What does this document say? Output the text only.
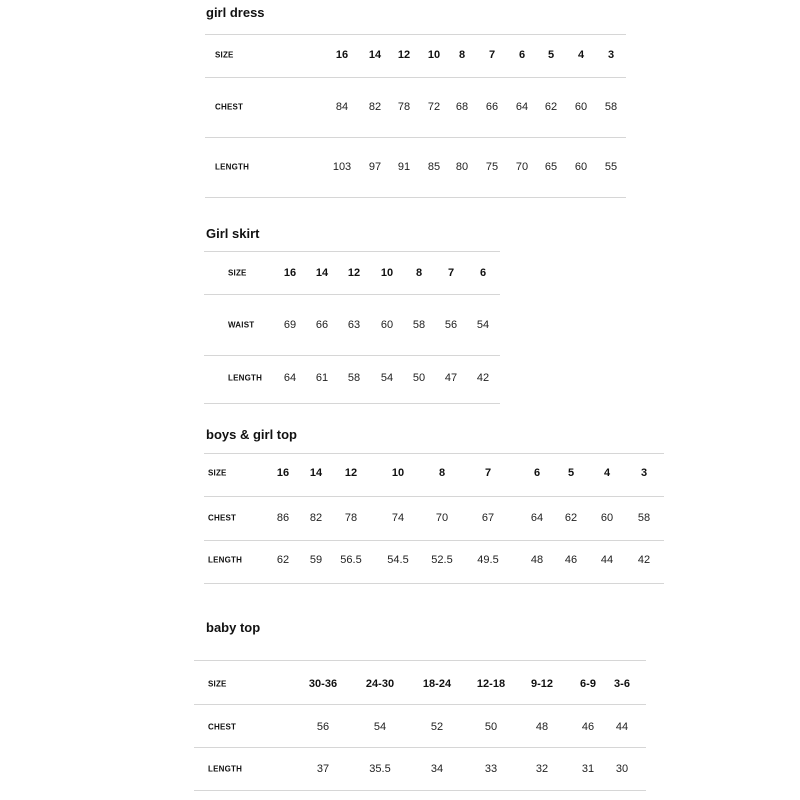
girl dress
SIZE	16 14 12 10 8 7 6 5 4 3
CHEST	84 82 78 72 68 66 64 62 60 58
LENGTH	103 97 91 85 80 75 70 65 60 55
Girl skirt
SIZE	16 14 12 10 8 7 6
WAIST	69 66 63 60 58 56 54
LENGTH 64 61 58 54 50 47 42
boys & girl top
SIZE	16 14 12	10	8	7	6	5	4	3
CHEST	86 82 78	74	70	67	64 62 60 58
LENGTH	62 59 56.5 54.5 52.5 49.5	48 46 44 42
baby top
SIZE	30-36	24-30	18-24 12-18 9-12 6-9 3-6
CHEST	56	54	52	50	48	46 44
LENGTH	37	35.5	34	33	32	31 30
